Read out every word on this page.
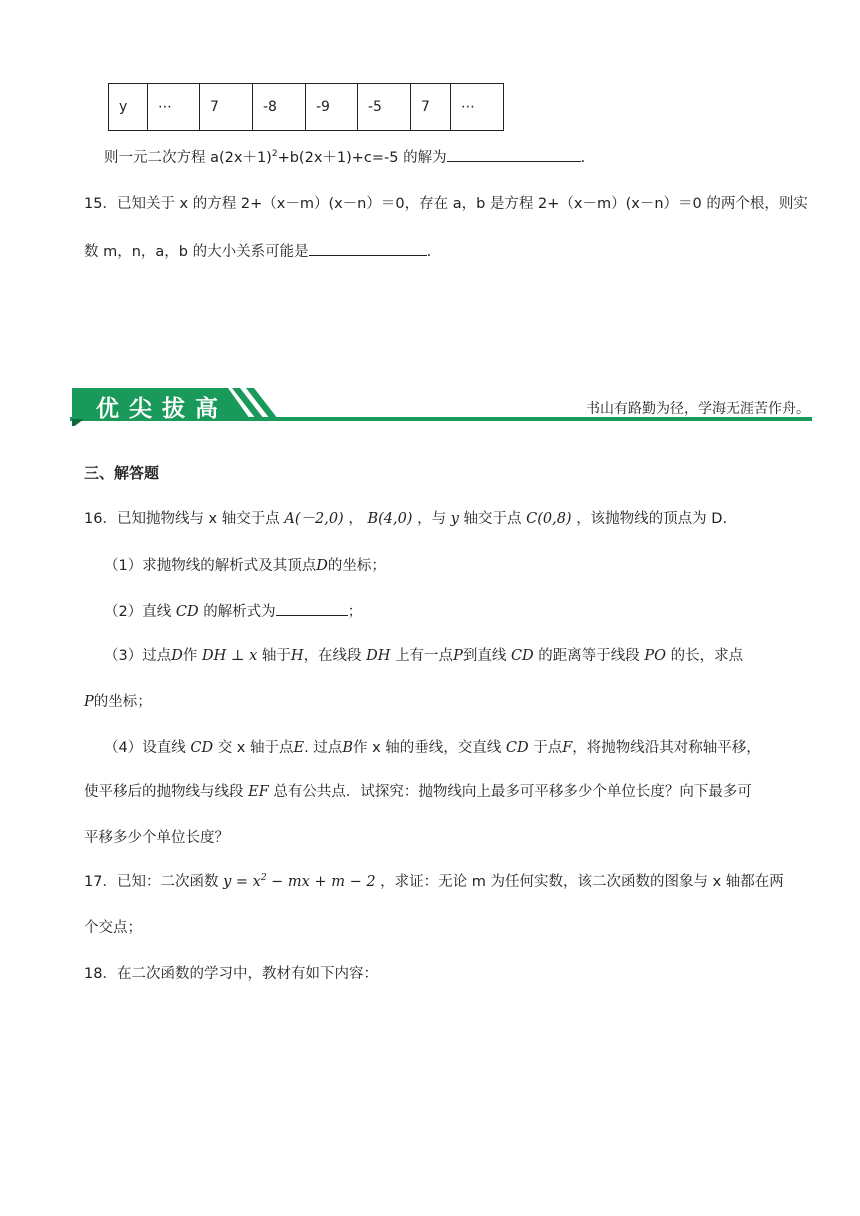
y	⋯	7	-8	-9	-5	7	⋯
则一元二次方程 $a(2x+1)^2+b(2x+1)+c=-5$ 的解为	.
15．已知关于 x 的方程 2+（x－m）(x－n）＝0，存在 a，b 是方程 2+（x－m）(x－n）＝0 的两个根，则实
数 m，n，a，b 的大小关系可能是	.
优尖拔高	书山有路勤为径，学海无涯苦作舟。
三、解答题
16．已知抛物线与 x 轴交于点 A(－2,0) ， B(4,0) ，与 y 轴交于点 C(0,8) ，该抛物线的顶点为 D.
（1）求抛物线的解析式及其顶点D的坐标；
（2）直线 CD 的解析式为	；
（3）过点D作 DH ⊥ x 轴于H，在线段 DH 上有一点P到直线 CD 的距离等于线段 PO 的长，求点
P的坐标；
（4）设直线 CD 交 x 轴于点E. 过点B作 x 轴的垂线，交直线 CD 于点F，将抛物线沿其对称轴平移，
使平移后的抛物线与线段 EF 总有公共点．试探究：抛物线向上最多可平移多少个单位长度？向下最多可
平移多少个单位长度？
17．已知：二次函数 $y = x^2$ − mx + m − 2 ，求证：无论 m 为任何实数，该二次函数的图象与 x 轴都在两
个交点；
18．在二次函数的学习中，教材有如下内容：
